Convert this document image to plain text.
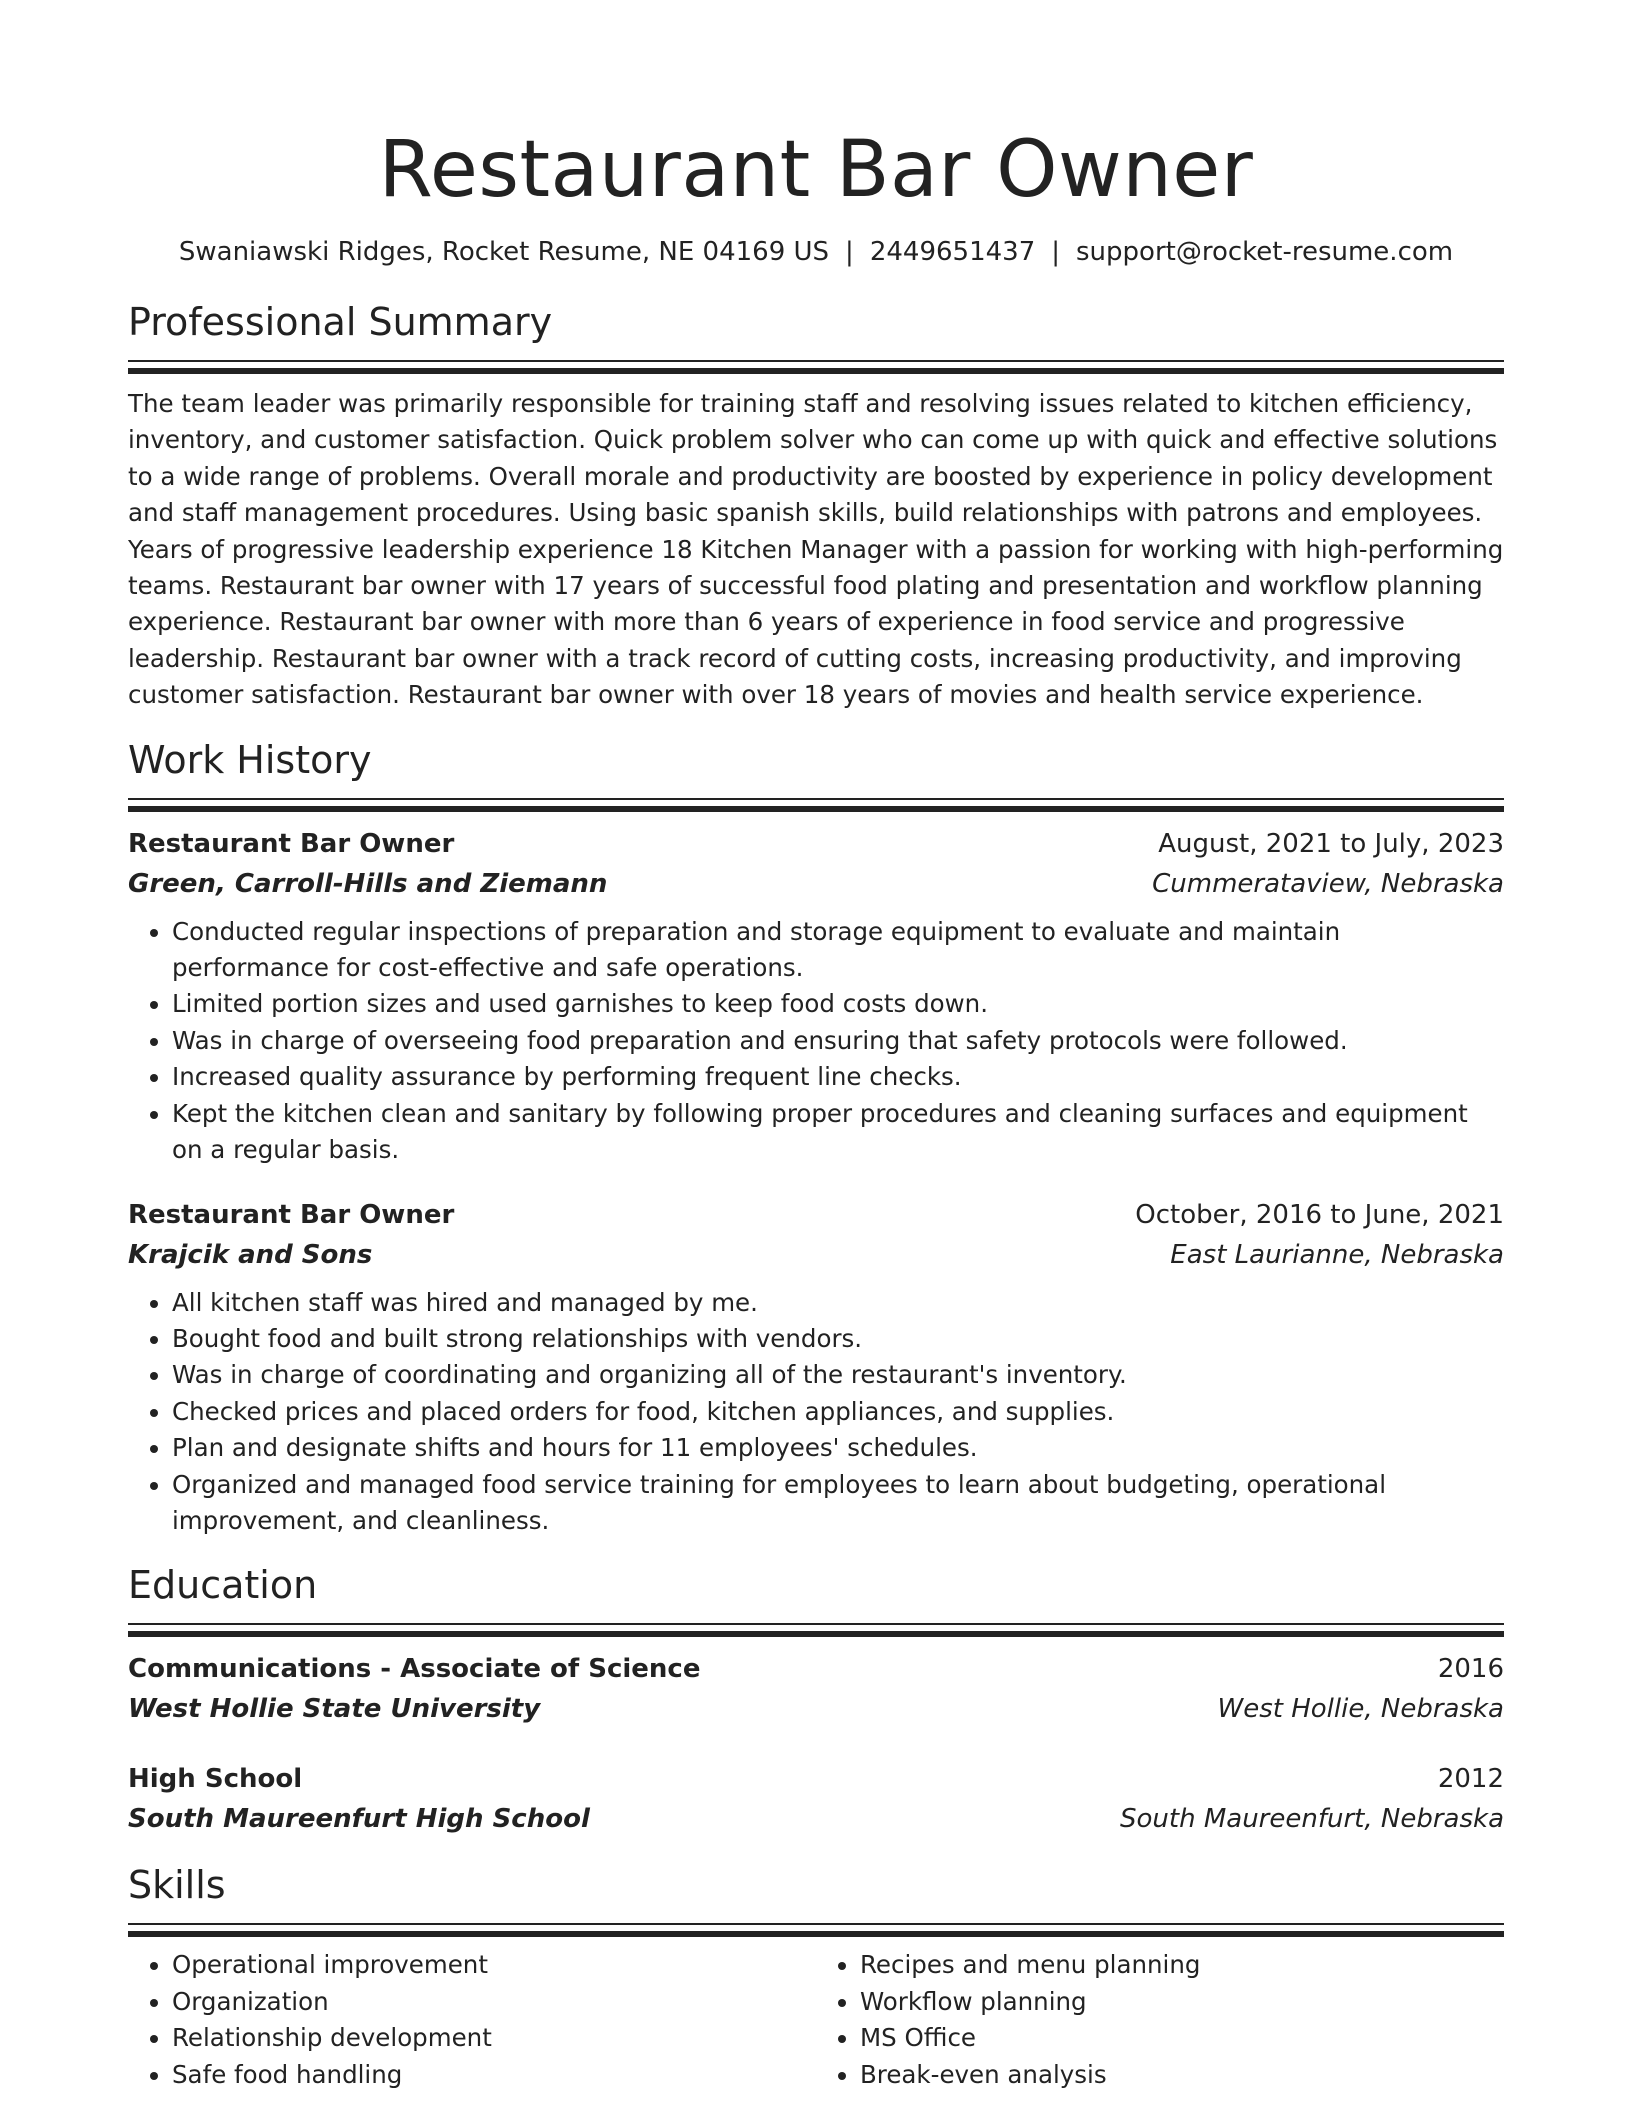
Restaurant Bar Owner
Swaniawski Ridges, Rocket Resume, NE 04169 US | 2449651437 | support@rocket-resume.com
Professional Summary

The team leader was primarily responsible for training staff and resolving issues related to kitchen efficiency, inventory, and customer satisfaction. Quick problem solver who can come up with quick and effective solutions to a wide range of problems. Overall morale and productivity are boosted by experience in policy development and staff management procedures. Using basic spanish skills, build relationships with patrons and employees. Years of progressive leadership experience 18 Kitchen Manager with a passion for working with high-performing teams. Restaurant bar owner with 17 years of successful food plating and presentation and workflow planning experience. Restaurant bar owner with more than 6 years of experience in food service and progressive leadership. Restaurant bar owner with a track record of cutting costs, increasing productivity, and improving customer satisfaction. Restaurant bar owner with over 18 years of movies and health service experience.

Work History
Restaurant Bar Owner	August, 2021 to July, 2023
Green, Carroll-Hills and Ziemann	Cummerataview, Nebraska
• Conducted regular inspections of preparation and storage equipment to evaluate and maintain performance for cost-effective and safe operations.
• Limited portion sizes and used garnishes to keep food costs down.
• Was in charge of overseeing food preparation and ensuring that safety protocols were followed.
• Increased quality assurance by performing frequent line checks.
• Kept the kitchen clean and sanitary by following proper procedures and cleaning surfaces and equipment on a regular basis.
Restaurant Bar Owner	October, 2016 to June, 2021
Krajcik and Sons	East Laurianne, Nebraska
• All kitchen staff was hired and managed by me.
• Bought food and built strong relationships with vendors.
• Was in charge of coordinating and organizing all of the restaurant's inventory.
• Checked prices and placed orders for food, kitchen appliances, and supplies.
• Plan and designate shifts and hours for 11 employees' schedules.
• Organized and managed food service training for employees to learn about budgeting, operational improvement, and cleanliness.
Education
Communications - Associate of Science	2016
West Hollie State University	West Hollie, Nebraska
High School	2012
South Maureenfurt High School	South Maureenfurt, Nebraska
Skills
• Operational improvement
• Organization
• Relationship development
• Safe food handling
• Recipes and menu planning
• Workflow planning
• MS Office
• Break-even analysis
